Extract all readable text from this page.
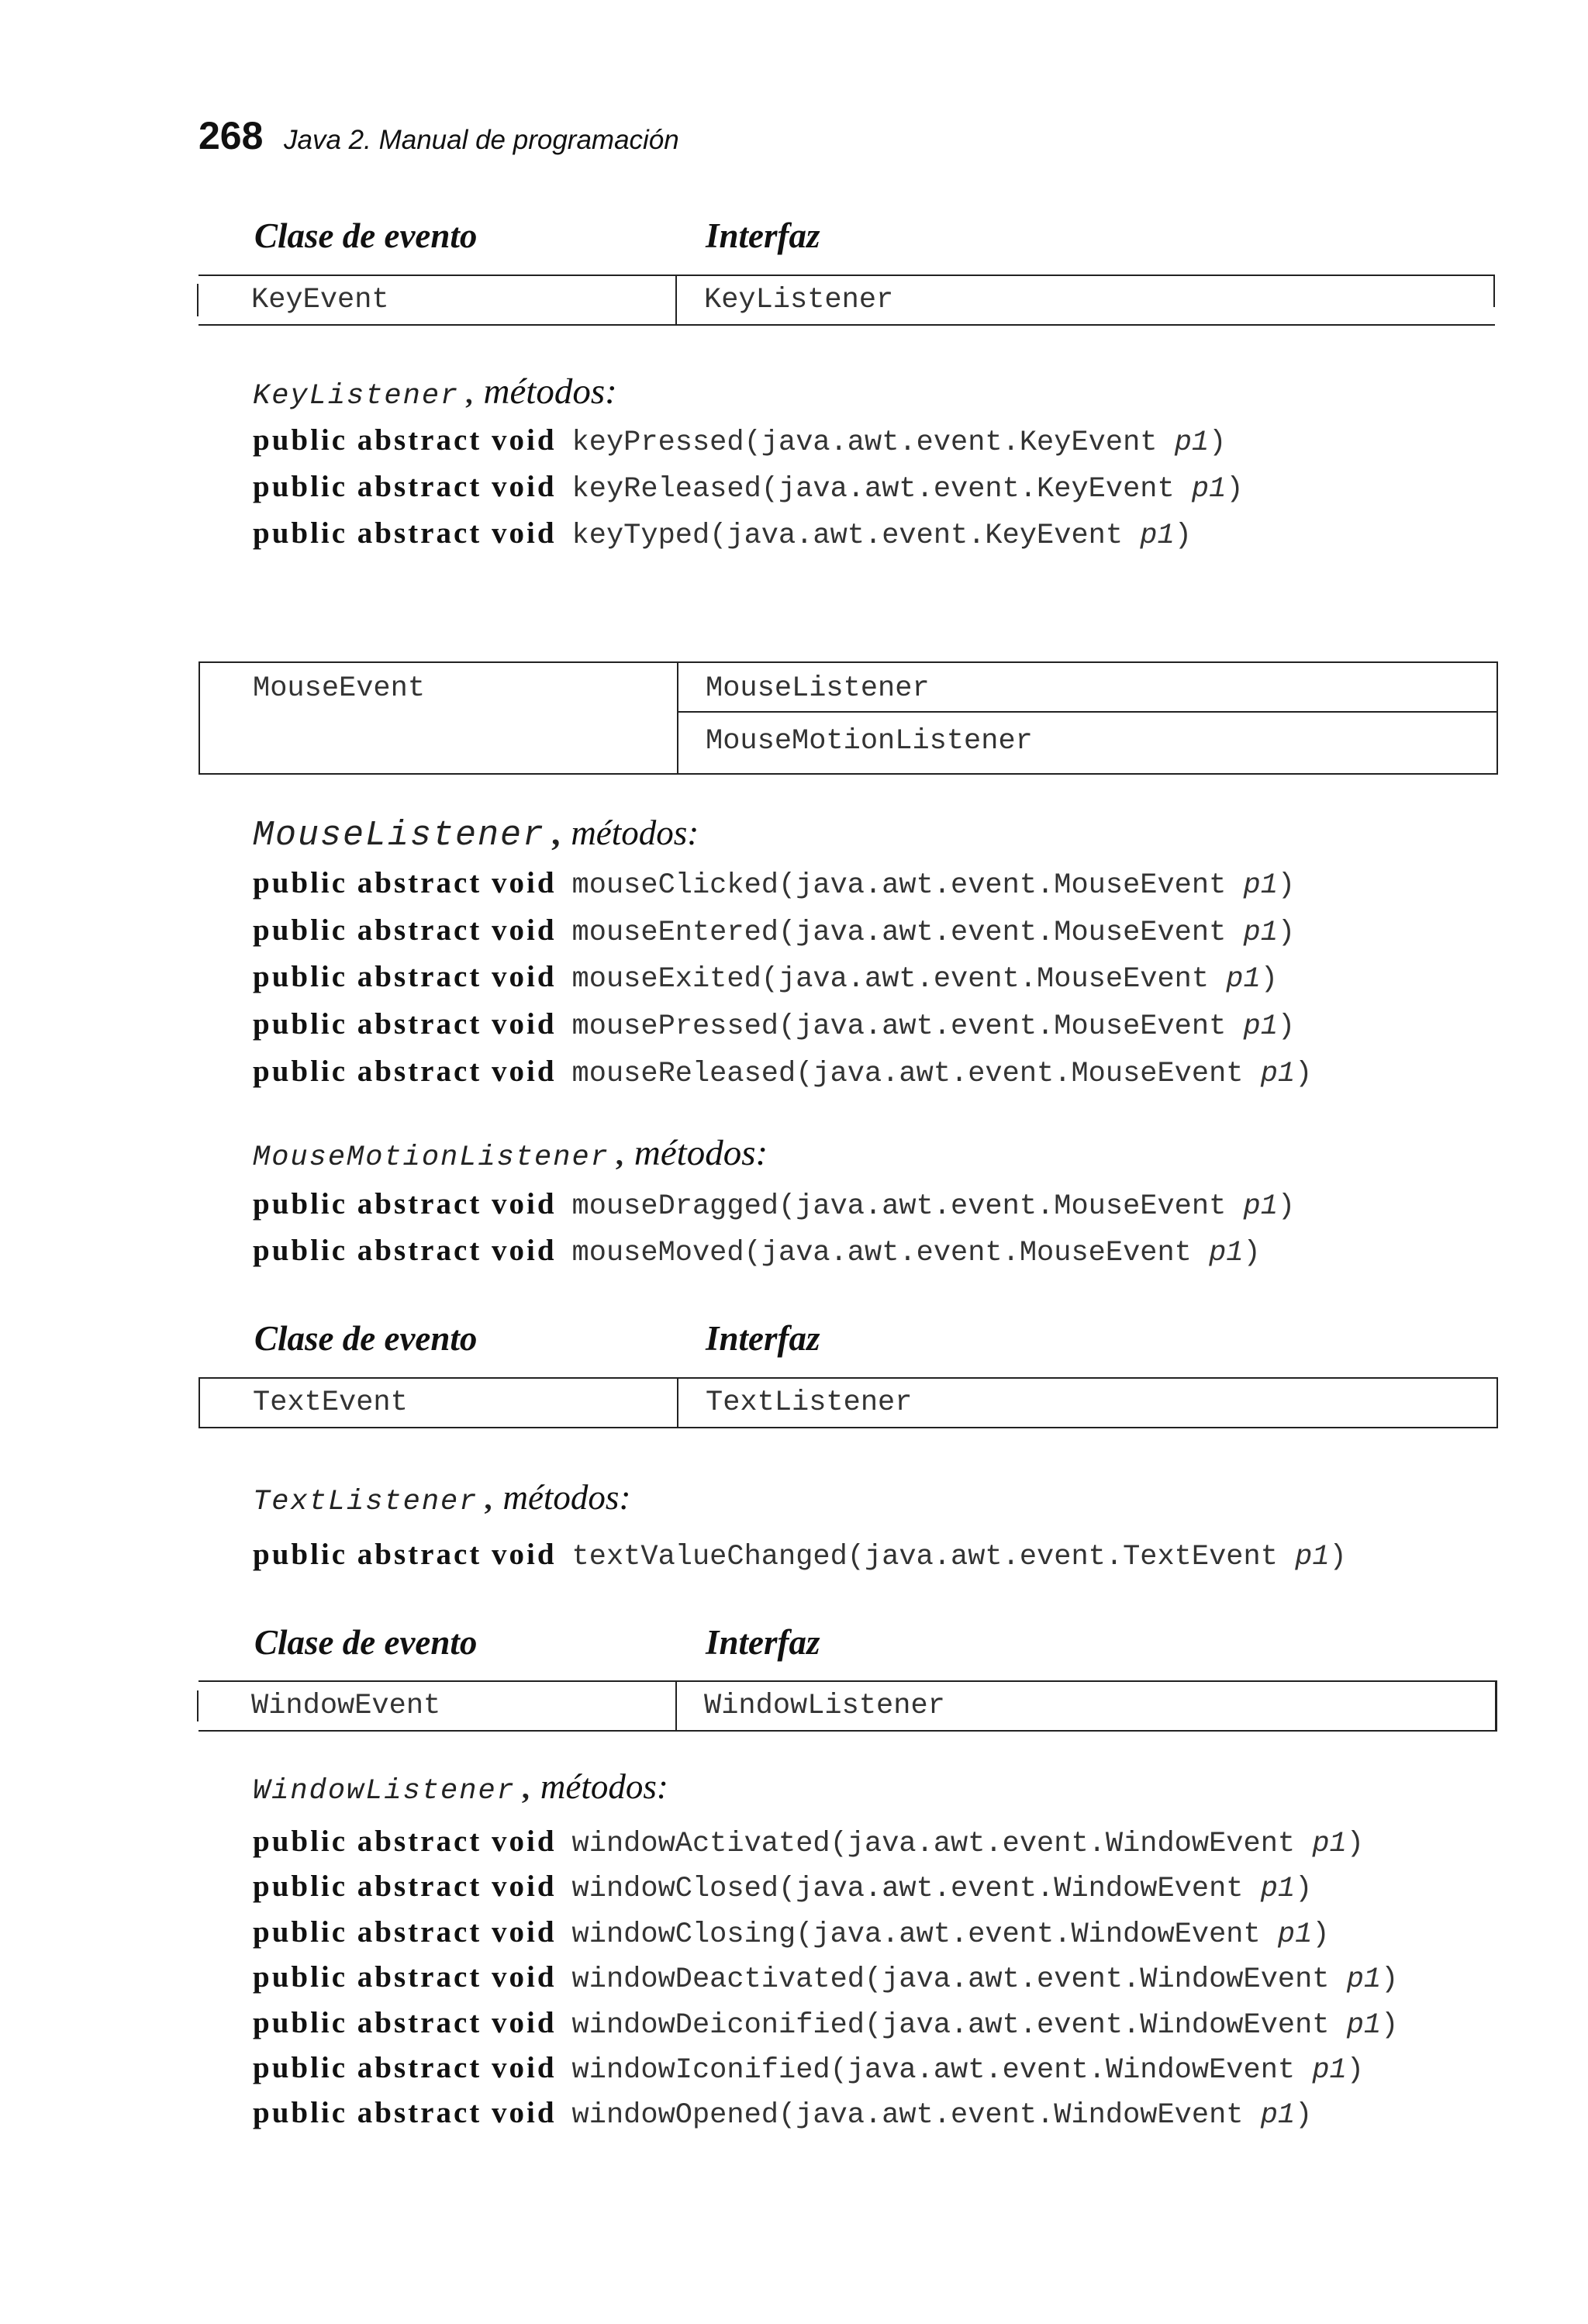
268 Java 2. Manual de programación
Clase de evento	Interfaz
KeyEvent	KeyListener
KeyListener , métodos:
public abstract void keyPressed(java.awt.event.KeyEvent p1)
public abstract void keyReleased(java.awt.event.KeyEvent p1)
public abstract void keyTyped(java.awt.event.KeyEvent p1)
MouseEvent	MouseListener
MouseMotionListener
MouseListener , métodos:
public abstract void mouseClicked(java.awt.event.MouseEvent p1)
public abstract void mouseEntered(java.awt.event.MouseEvent p1)
public abstract void mouseExited(java.awt.event.MouseEvent p1)
public abstract void mousePressed(java.awt.event.MouseEvent p1)
public abstract void mouseReleased(java.awt.event.MouseEvent p1)
MouseMotionListener , métodos:
public abstract void mouseDragged(java.awt.event.MouseEvent p1)
public abstract void mouseMoved(java.awt.event.MouseEvent p1)
Clase de evento	Interfaz
TextEvent	TextListener
TextListener , métodos:
public abstract void textValueChanged(java.awt.event.TextEvent p1)
Clase de evento	Interfaz
WindowEvent	WindowListener
WindowListener , métodos:
public abstract void windowActivated(java.awt.event.WindowEvent p1)
public abstract void windowClosed(java.awt.event.WindowEvent p1)
public abstract void windowClosing(java.awt.event.WindowEvent p1)
public abstract void windowDeactivated(java.awt.event.WindowEvent p1)
public abstract void windowDeiconified(java.awt.event.WindowEvent p1)
public abstract void windowIconified(java.awt.event.WindowEvent p1)
public abstract void windowOpened(java.awt.event.WindowEvent p1)
